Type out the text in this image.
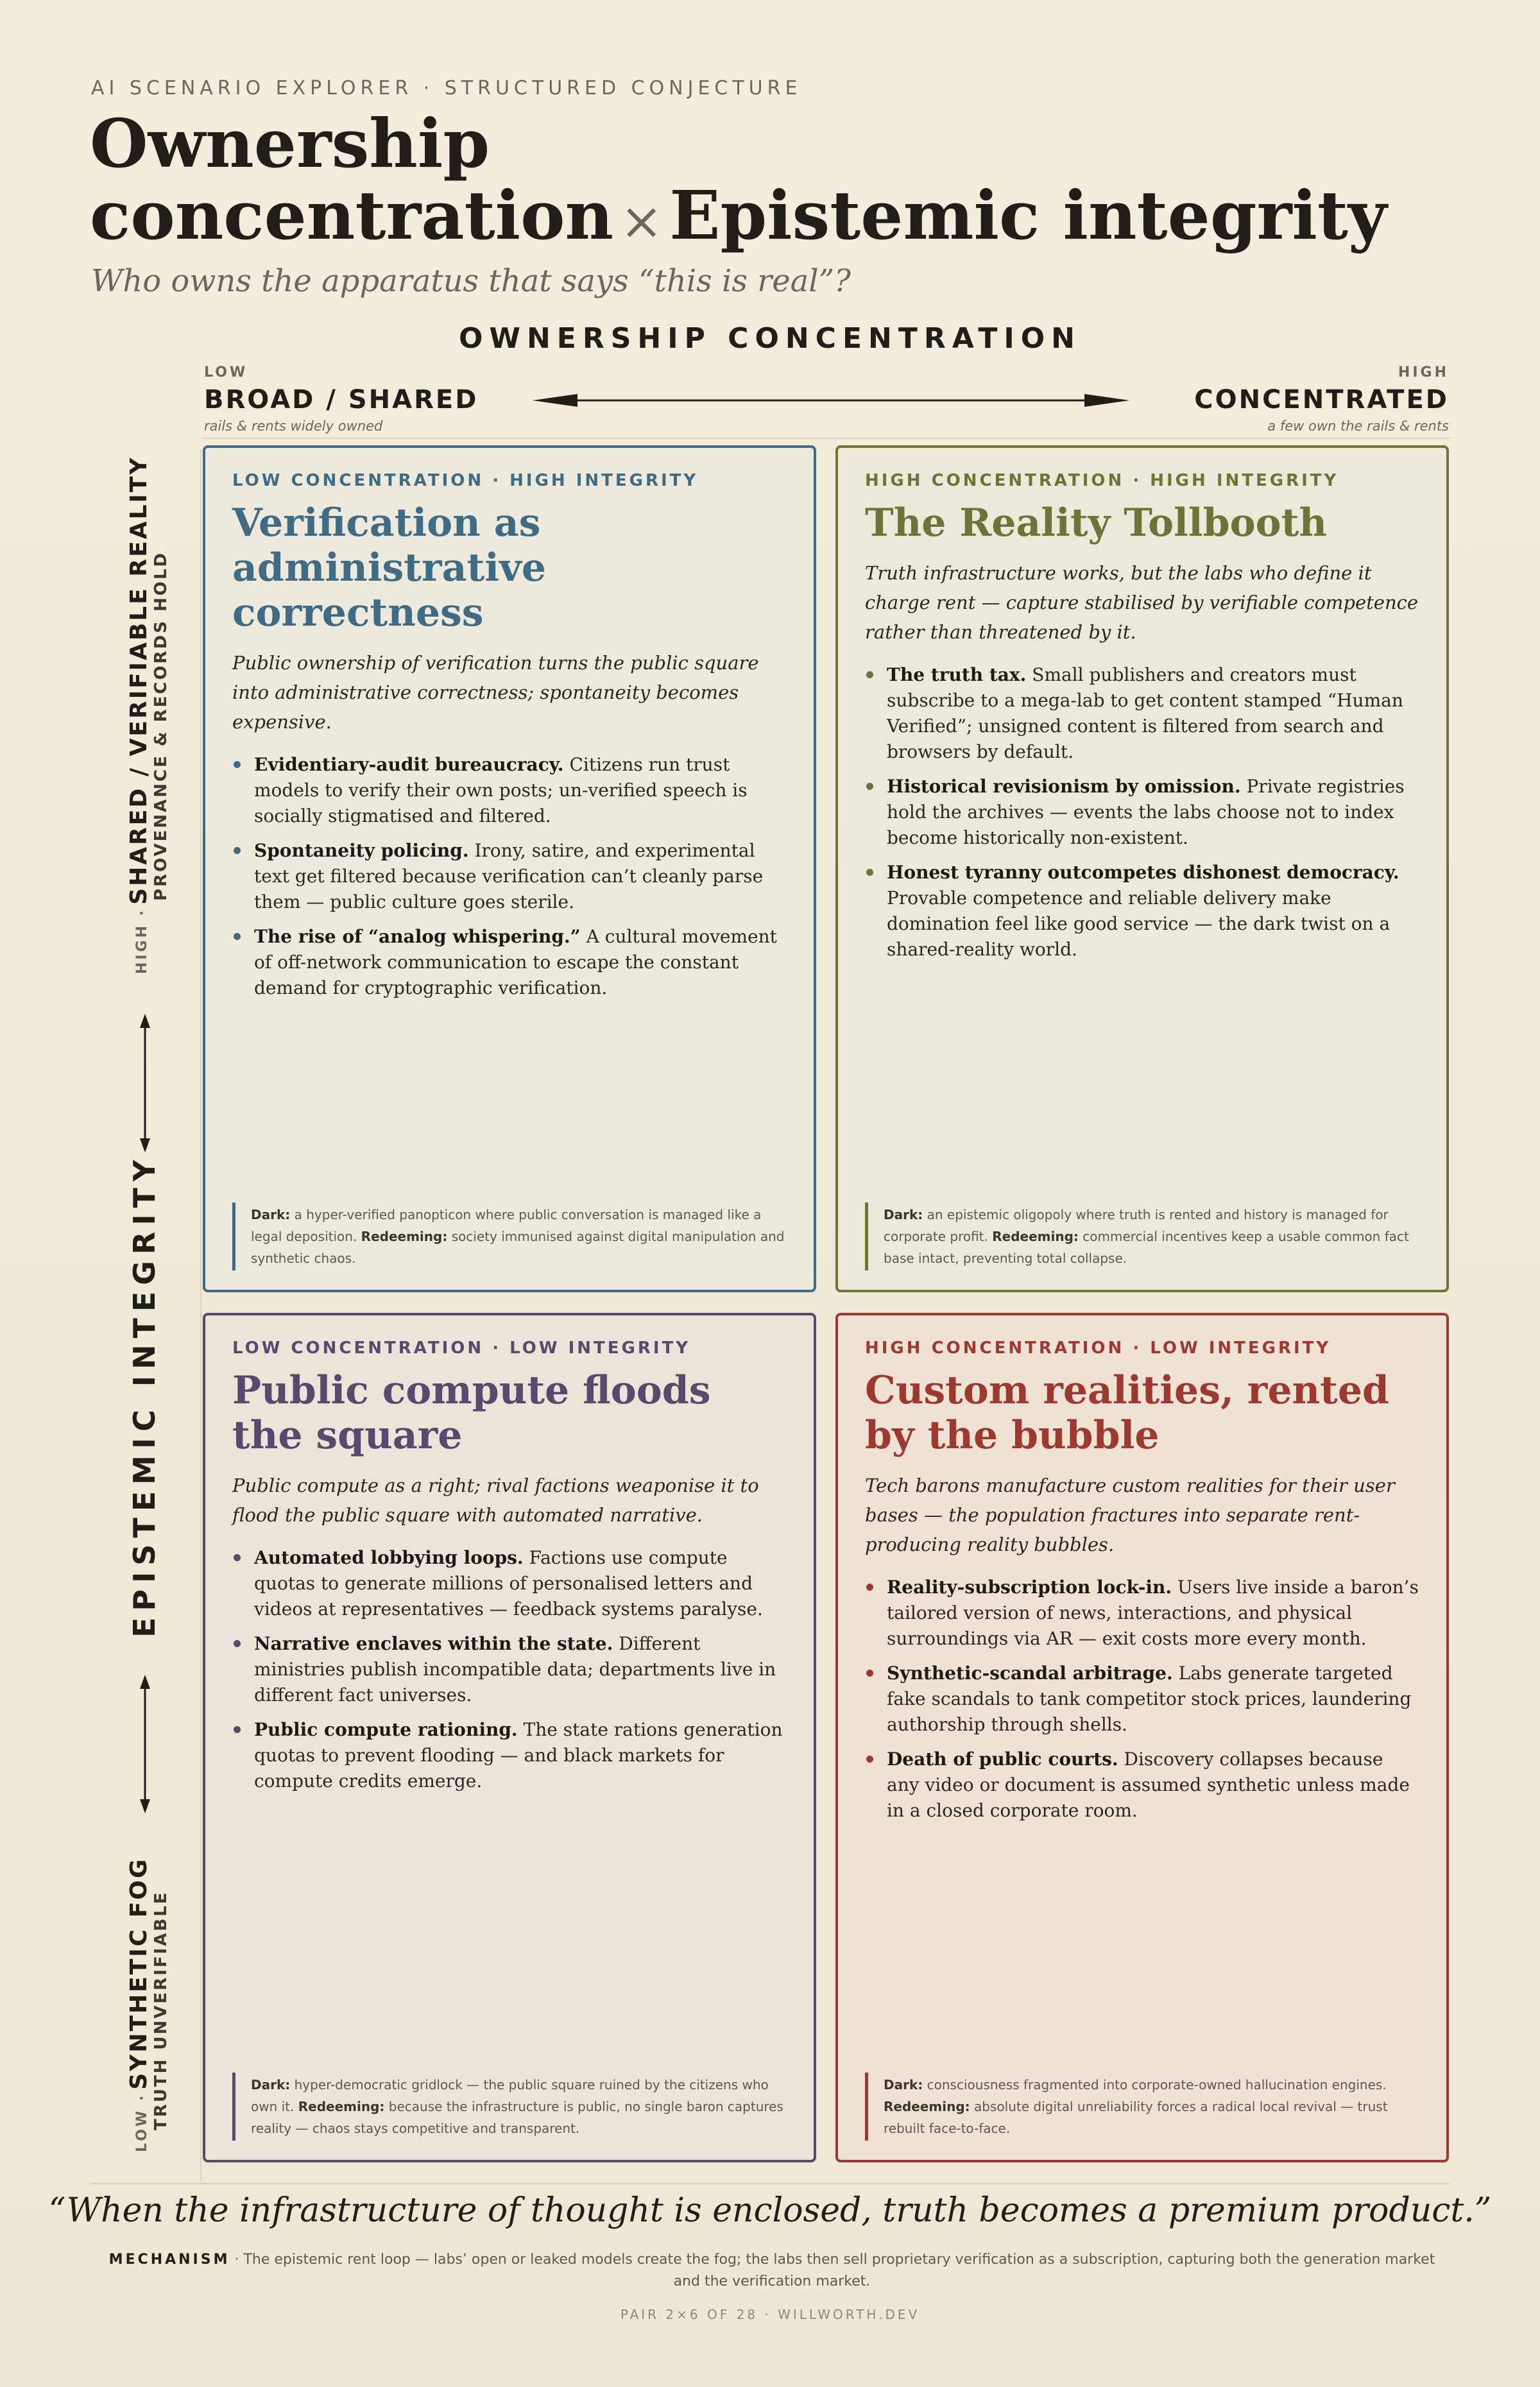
AI SCENARIO EXPLORER · STRUCTURED CONJECTURE
Ownership concentration ×Epistemic integrity
Who owns the apparatus that says “this is real”?
OWNERSHIP CONCENTRATION
LOW
BROAD / SHARED
rails & rents widely owned
HIGH
CONCENTRATED
a few own the rails & rents
HIGH · SHARED / VERIFIABLE REALITY PROVENANCE & RECORDS HOLD
EPISTEMIC INTEGRITY
LOW · SYNTHETIC FOG TRUTH UNVERIFIABLE
LOW CONCENTRATION · HIGH INTEGRITY
Verification as administrative correctness
Public ownership of verification turns the public square into administrative correctness; spontaneity becomes expensive.
Evidentiary-audit bureaucracy. Citizens run trust models to verify their own posts; un-verified speech is socially stigmatised and filtered.
Spontaneity policing. Irony, satire, and experimental text get filtered because verification can’t cleanly parse them — public culture goes sterile.
The rise of “analog whispering.” A cultural movement of off-network communication to escape the constant demand for cryptographic verification.
Dark: a hyper-verified panopticon where public conversation is managed like a legal deposition. Redeeming: society immunised against digital manipulation and synthetic chaos.
HIGH CONCENTRATION · HIGH INTEGRITY
The Reality Tollbooth
Truth infrastructure works, but the labs who define it charge rent — capture stabilised by verifiable competence rather than threatened by it.
The truth tax. Small publishers and creators must subscribe to a mega-lab to get content stamped “Human Verified”; unsigned content is filtered from search and browsers by default.
Historical revisionism by omission. Private registries hold the archives — events the labs choose not to index become historically non-existent.
Honest tyranny outcompetes dishonest democracy. Provable competence and reliable delivery make domination feel like good service — the dark twist on a shared-reality world.
Dark: an epistemic oligopoly where truth is rented and history is managed for corporate profit. Redeeming: commercial incentives keep a usable common fact base intact, preventing total collapse.
LOW CONCENTRATION · LOW INTEGRITY
Public compute floods the square
Public compute as a right; rival factions weaponise it to flood the public square with automated narrative.
Automated lobbying loops. Factions use compute quotas to generate millions of personalised letters and videos at representatives — feedback systems paralyse.
Narrative enclaves within the state. Different ministries publish incompatible data; departments live in different fact universes.
Public compute rationing. The state rations generation quotas to prevent flooding — and black markets for compute credits emerge.
Dark: hyper-democratic gridlock — the public square ruined by the citizens who own it. Redeeming: because the infrastructure is public, no single baron captures reality — chaos stays competitive and transparent.
HIGH CONCENTRATION · LOW INTEGRITY
Custom realities, rented by the bubble
Tech barons manufacture custom realities for their user bases — the population fractures into separate rent-producing reality bubbles.
Reality-subscription lock-in. Users live inside a baron’s tailored version of news, interactions, and physical surroundings via AR — exit costs more every month.
Synthetic-scandal arbitrage. Labs generate targeted fake scandals to tank competitor stock prices, laundering authorship through shells.
Death of public courts. Discovery collapses because any video or document is assumed synthetic unless made in a closed corporate room.
Dark: consciousness fragmented into corporate-owned hallucination engines. Redeeming: absolute digital unreliability forces a radical local revival — trust rebuilt face-to-face.
“When the infrastructure of thought is enclosed, truth becomes a premium product.”
MECHANISM · The epistemic rent loop — labs’ open or leaked models create the fog; the labs then sell proprietary verification as a subscription, capturing both the generation market and the verification market.
PAIR 2×6 OF 28 · WILLWORTH.DEV
